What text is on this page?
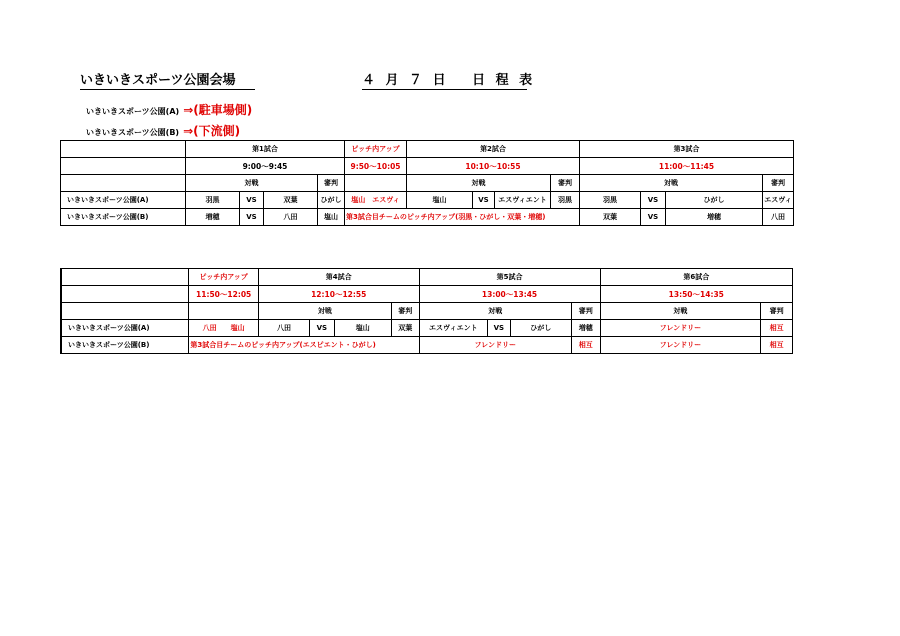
いきいきスポーツ公園会場	４ 月 ７ 日　 日 程 表
いきいきスポーツ公園(A) ⇒(駐車場側)
いきいきスポーツ公園(B) ⇒(下流側)
	第1試合				ピッチ内アップ	第2試合				第3試合			
	9:00～9:45				9:50～10:05	10:10～10:55				11:00～11:45			
	対戦			審判		対戦			審判	対戦			審判
いきいきスポーツ公園(A)	羽黒	VS	双葉	ひがし	塩山　エスヴィ	塩山	VS	エスヴィエント	羽黒	羽黒	VS	ひがし	エスヴィ
いきいきスポーツ公園(B)	増穂	VS	八田	塩山	第3試合目チームのピッチ内アップ(羽黒・ひがし・双葉・増穂)					双葉	VS	増穂	八田
	ピッチ内アップ	第4試合				第5試合				第6試合	
	11:50～12:05	12:10～12:55				13:00～13:45				13:50～14:35	
		対戦			審判	対戦			審判	対戦	審判
いきいきスポーツ公園(A)	八田　　塩山	八田	VS	塩山	双葉	エスヴィエント	VS	ひがし	増穂	フレンドリー	相互
いきいきスポーツ公園(B)	第3試合目チームのピッチ内アップ(エスピエント・ひがし)					フレンドリー			相互	フレンドリー	相互
